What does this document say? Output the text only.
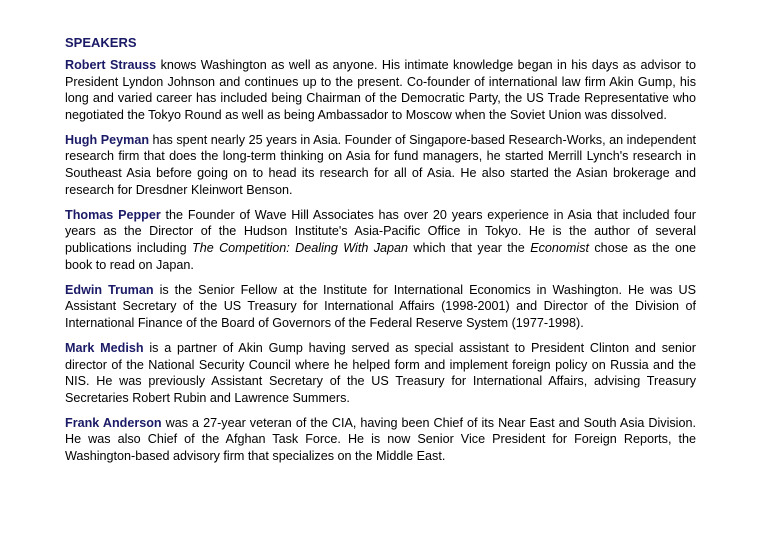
SPEAKERS

Robert Strauss knows Washington as well as anyone. His intimate knowledge began in his days as advisor to President Lyndon Johnson and continues up to the present. Co-founder of international law firm Akin Gump, his long and varied career has included being Chairman of the Democratic Party, the US Trade Representative who negotiated the Tokyo Round as well as being Ambassador to Moscow when the Soviet Union was dissolved.

Hugh Peyman has spent nearly 25 years in Asia. Founder of Singapore-based Research-Works, an independent research firm that does the long-term thinking on Asia for fund managers, he started Merrill Lynch's research in Southeast Asia before going on to head its research for all of Asia. He also started the Asian brokerage and research for Dresdner Kleinwort Benson.

Thomas Pepper the Founder of Wave Hill Associates has over 20 years experience in Asia that included four years as the Director of the Hudson Institute's Asia-Pacific Office in Tokyo. He is the author of several publications including The Competition: Dealing With Japan which that year the Economist chose as the one book to read on Japan.

Edwin Truman is the Senior Fellow at the Institute for International Economics in Washington. He was US Assistant Secretary of the US Treasury for International Affairs (1998-2001) and Director of the Division of International Finance of the Board of Governors of the Federal Reserve System (1977-1998).

Mark Medish is a partner of Akin Gump having served as special assistant to President Clinton and senior director of the National Security Council where he helped form and implement foreign policy on Russia and the NIS. He was previously Assistant Secretary of the US Treasury for International Affairs, advising Treasury Secretaries Robert Rubin and Lawrence Summers.

Frank Anderson was a 27-year veteran of the CIA, having been Chief of its Near East and South Asia Division. He was also Chief of the Afghan Task Force. He is now Senior Vice President for Foreign Reports, the Washington-based advisory firm that specializes on the Middle East.
